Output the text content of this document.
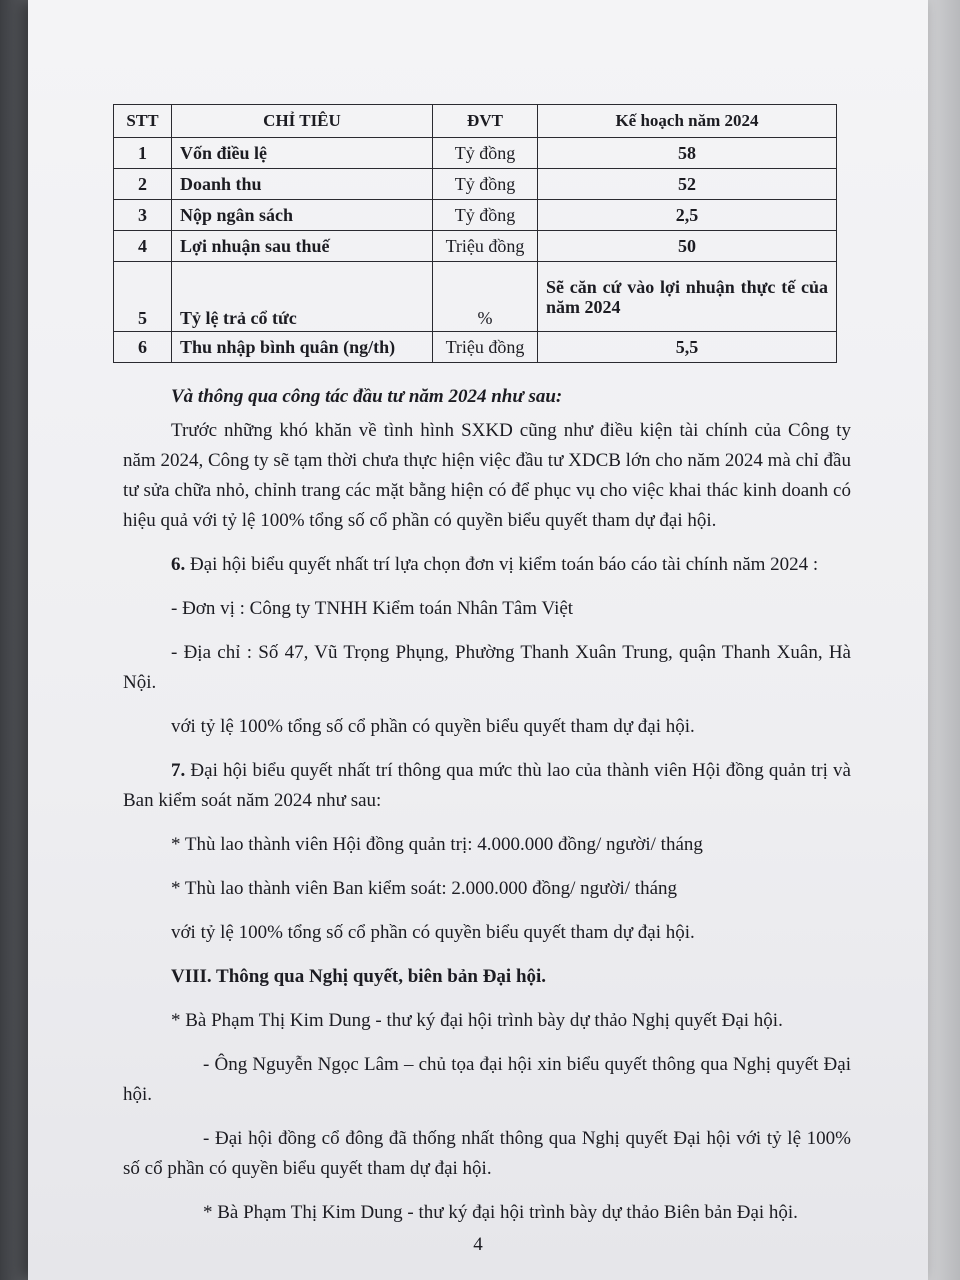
STT	CHỈ TIÊU	ĐVT	Kế hoạch năm 2024
1	Vốn điều lệ	Tỷ đồng	58
2	Doanh thu	Tỷ đồng	52
3	Nộp ngân sách	Tỷ đồng	2,5
4	Lợi nhuận sau thuế	Triệu đồng	50
5	Tỷ lệ trả cổ tức	%	Sẽ căn cứ vào lợi nhuận thực tế của năm 2024
6	Thu nhập bình quân (ng/th)	Triệu đồng	5,5

Và thông qua công tác đầu tư năm 2024 như sau:

Trước những khó khăn về tình hình SXKD cũng như điều kiện tài chính của Công ty năm 2024, Công ty sẽ tạm thời chưa thực hiện việc đầu tư XDCB lớn cho năm 2024 mà chỉ đầu tư sửa chữa nhỏ, chỉnh trang các mặt bằng hiện có để phục vụ cho việc khai thác kinh doanh có hiệu quả với tỷ lệ 100% tổng số cổ phần có quyền biểu quyết tham dự đại hội.

6. Đại hội biểu quyết nhất trí lựa chọn đơn vị kiểm toán báo cáo tài chính năm 2024 :

- Đơn vị : Công ty TNHH Kiểm toán Nhân Tâm Việt

- Địa chỉ : Số 47, Vũ Trọng Phụng, Phường Thanh Xuân Trung, quận Thanh Xuân, Hà Nội.

với tỷ lệ 100% tổng số cổ phần có quyền biểu quyết tham dự đại hội.

7. Đại hội biểu quyết nhất trí thông qua mức thù lao của thành viên Hội đồng quản trị và Ban kiểm soát năm 2024 như sau:

* Thù lao thành viên Hội đồng quản trị: 4.000.000 đồng/ người/ tháng

* Thù lao thành viên Ban kiểm soát: 2.000.000 đồng/ người/ tháng

với tỷ lệ 100% tổng số cổ phần có quyền biểu quyết tham dự đại hội.

VIII. Thông qua Nghị quyết, biên bản Đại hội.

* Bà Phạm Thị Kim Dung - thư ký đại hội trình bày dự thảo Nghị quyết Đại hội.

- Ông Nguyễn Ngọc Lâm – chủ tọa đại hội xin biểu quyết thông qua Nghị quyết Đại hội.

- Đại hội đồng cổ đông đã thống nhất thông qua Nghị quyết Đại hội với tỷ lệ 100% số cổ phần có quyền biểu quyết tham dự đại hội.

* Bà Phạm Thị Kim Dung - thư ký đại hội trình bày dự thảo Biên bản Đại hội.

4
